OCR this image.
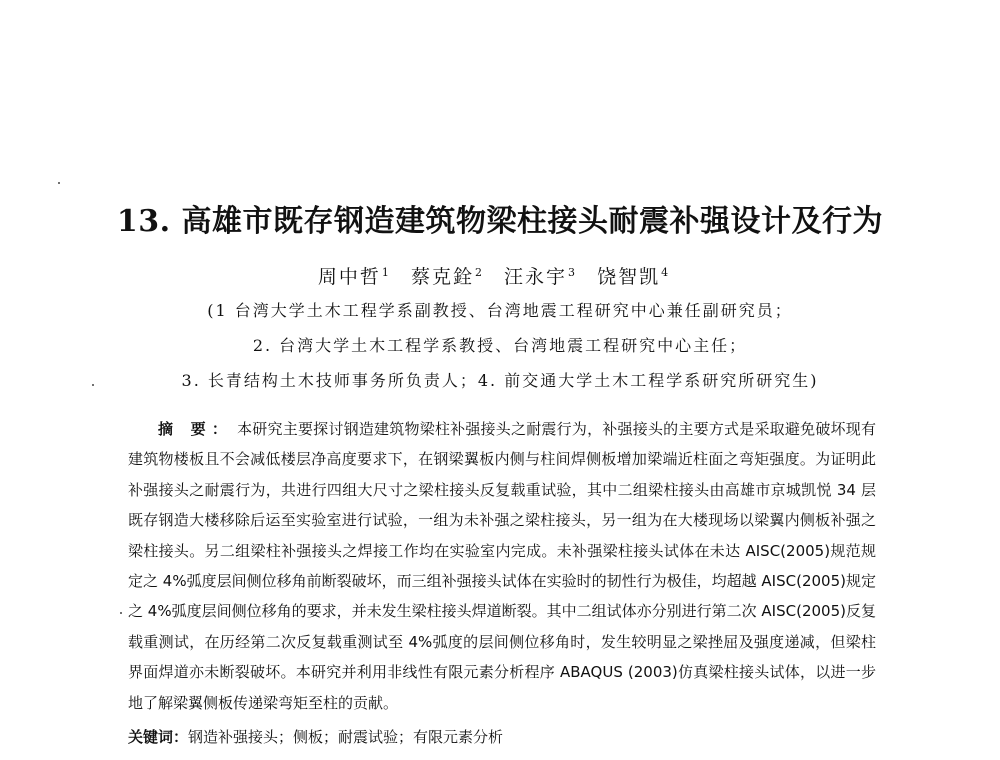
13. 高雄市既存钢造建筑物梁柱接头耐震补强设计及行为
周中哲$^1$ 蔡克銓$^2$ 汪永宇$^3$ 饶智凯$^4$
(1 台湾大学土木工程学系副教授、台湾地震工程研究中心兼任副研究员；
2. 台湾大学土木工程学系教授、台湾地震工程研究中心主任；
3. 长青结构土木技师事务所负责人；4. 前交通大学土木工程学系研究所研究生)
摘 要： 本研究主要探讨钢造建筑物梁柱补强接头之耐震行为，补强接头的主要方式是采取避免破坏现有建筑物楼板且不会减低楼层净高度要求下，在钢梁翼板内侧与柱间焊侧板增加梁端近柱面之弯矩强度。为证明此补强接头之耐震行为，共进行四组大尺寸之梁柱接头反复载重试验，其中二组梁柱接头由高雄市京城凯悦 34 层既存钢造大楼移除后运至实验室进行试验，一组为未补强之梁柱接头，另一组为在大楼现场以梁翼内侧板补强之梁柱接头。另二组梁柱补强接头之焊接工作均在实验室内完成。未补强梁柱接头试体在未达 AISC(2005)规范规定之 4%弧度层间侧位移角前断裂破坏，而三组补强接头试体在实验时的韧性行为极佳，均超越 AISC(2005)规定之 4%弧度层间侧位移角的要求，并未发生梁柱接头焊道断裂。其中二组试体亦分别进行第二次 AISC(2005)反复载重测试，在历经第二次反复载重测试至 4%弧度的层间侧位移角时，发生较明显之梁挫屈及强度递减，但梁柱界面焊道亦未断裂破坏。本研究并利用非线性有限元素分析程序 ABAQUS (2003)仿真梁柱接头试体，以进一步地了解梁翼侧板传递梁弯矩至柱的贡献。
关键词：钢造补强接头；侧板；耐震试验；有限元素分析
